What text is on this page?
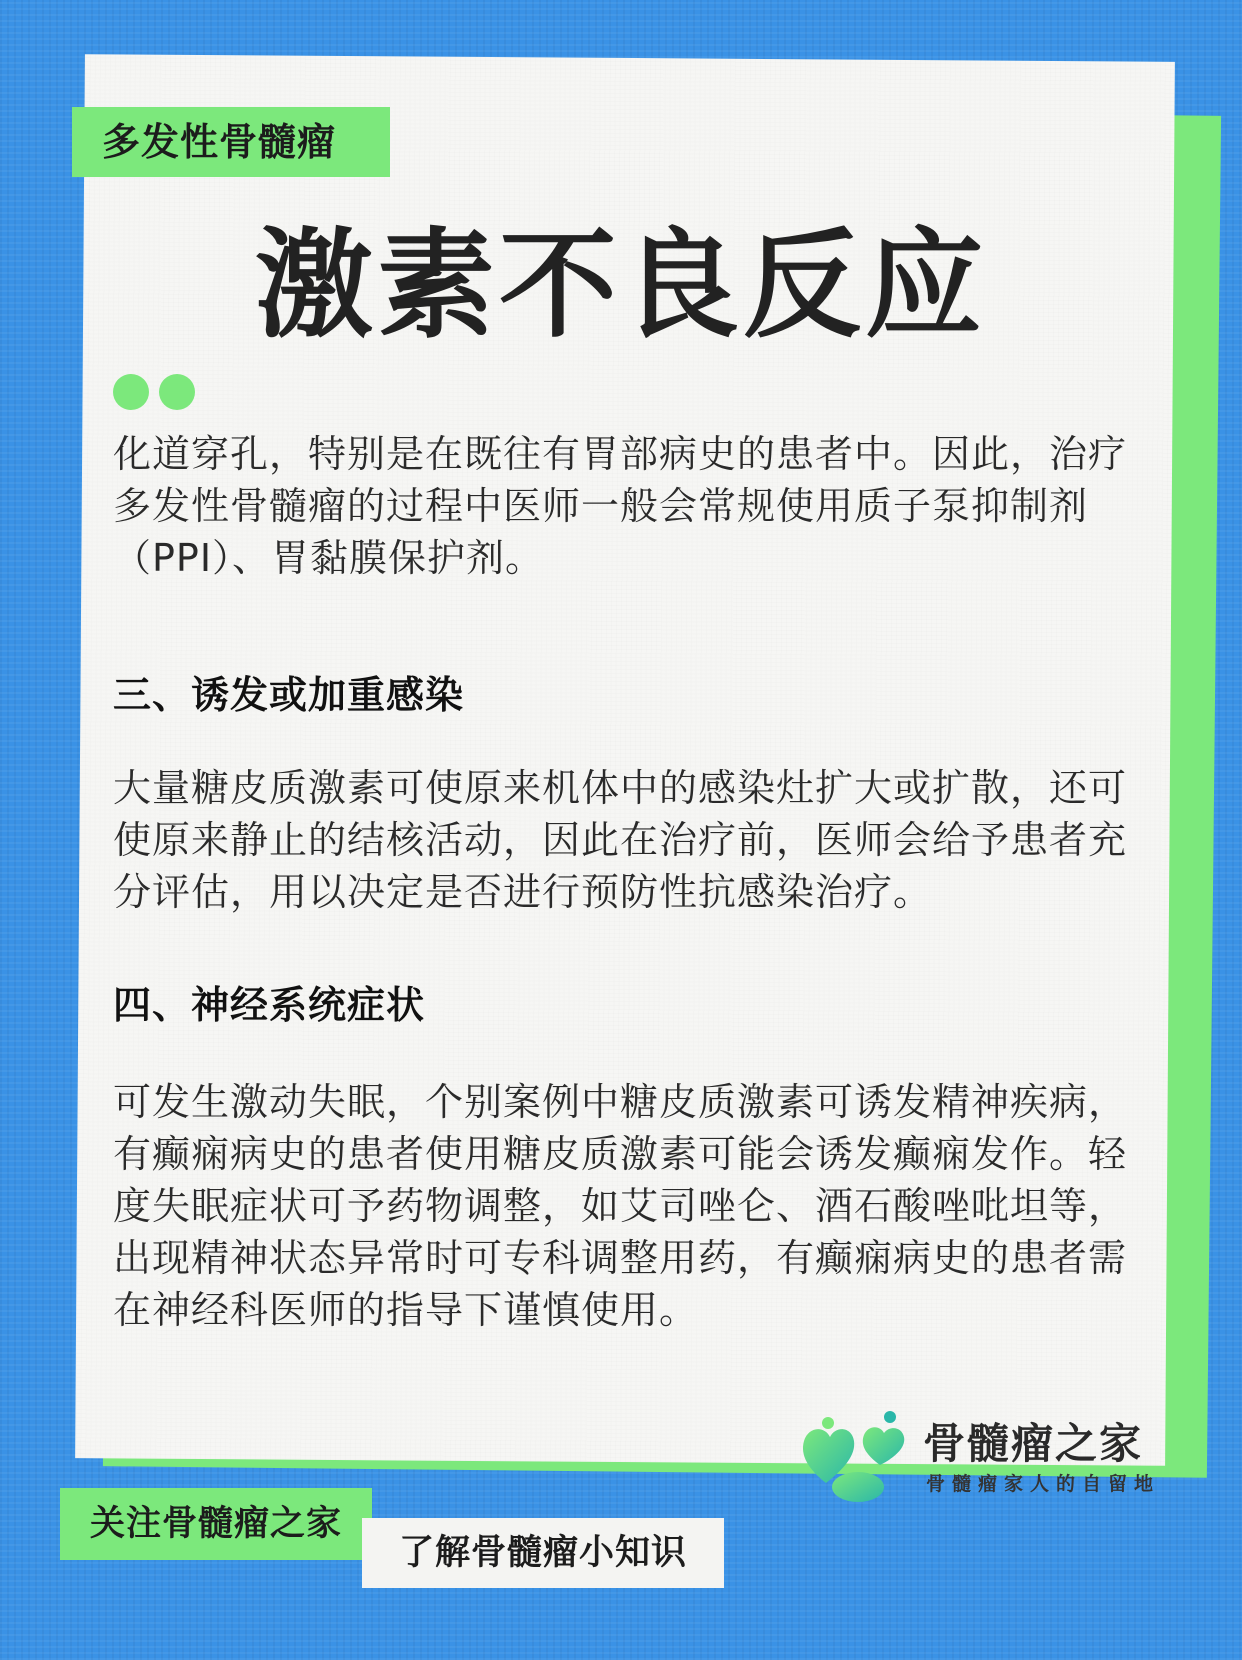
多发性骨髓瘤
激素不良反应

化道穿孔，特别是在既往有胃部病史的患者中。因此，治疗多发性骨髓瘤的过程中医师一般会常规使用质子泵抑制剂（PPI）、胃黏膜保护剂。

三、诱发或加重感染

大量糖皮质激素可使原来机体中的感染灶扩大或扩散，还可使原来静止的结核活动，因此在治疗前，医师会给予患者充分评估，用以决定是否进行预防性抗感染治疗。

四、神经系统症状

可发生激动失眠，个别案例中糖皮质激素可诱发精神疾病，有癫痫病史的患者使用糖皮质激素可能会诱发癫痫发作。轻度失眠症状可予药物调整，如艾司唑仑、酒石酸唑吡坦等，出现精神状态异常时可专科调整用药，有癫痫病史的患者需在神经科医师的指导下谨慎使用。

骨髓瘤之家
骨髓瘤家人的自留地
关注骨髓瘤之家
了解骨髓瘤小知识
